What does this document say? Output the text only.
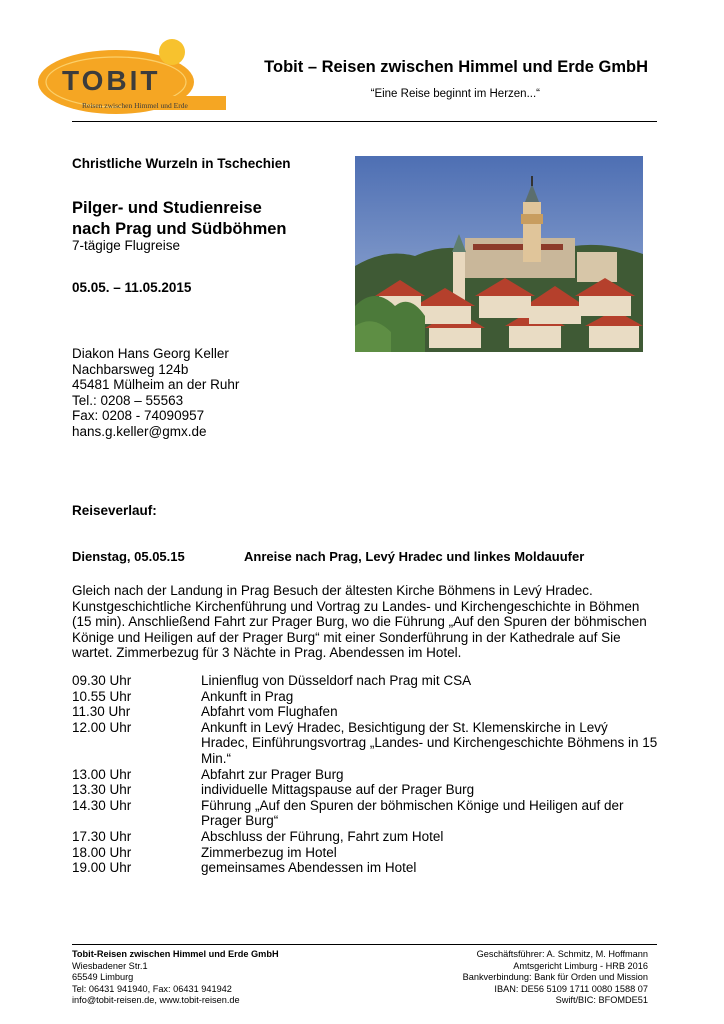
TOBIT
Reisen zwischen Himmel und Erde
Tobit – Reisen zwischen Himmel und Erde GmbH
“Eine Reise beginnt im Herzen...“
Christliche Wurzeln in Tschechien
Pilger- und Studienreise
nach Prag und Südböhmen
7-tägige Flugreise
05.05. – 11.05.2015
Diakon Hans Georg Keller
Nachbarsweg 124b
45481 Mülheim an der Ruhr
Tel.: 0208 – 55563
Fax: 0208 - 74090957
hans.g.keller@gmx.de
Reiseverlauf:
Dienstag, 05.05.15	Anreise nach Prag, Levý Hradec und linkes Moldauufer
Gleich nach der Landung in Prag Besuch der ältesten Kirche Böhmens in Levý Hradec.
Kunstgeschichtliche Kirchenführung und Vortrag zu Landes- und Kirchengeschichte in Böhmen
(15 min). Anschließend Fahrt zur Prager Burg, wo die Führung „Auf den Spuren der böhmischen
Könige und Heiligen auf der Prager Burg“ mit einer Sonderführung in der Kathedrale auf Sie
wartet. Zimmerbezug für 3 Nächte in Prag. Abendessen im Hotel.
09.30 Uhr	Linienflug von Düsseldorf nach Prag mit CSA
10.55 Uhr	Ankunft in Prag
11.30 Uhr	Abfahrt vom Flughafen
12.00 Uhr	Ankunft in Levý Hradec, Besichtigung der St. Klemenskirche in Levý
Hradec, Einführungsvortrag „Landes- und Kirchengeschichte Böhmens in 15
Min.“
13.00 Uhr	Abfahrt zur Prager Burg
13.30 Uhr	individuelle Mittagspause auf der Prager Burg
14.30 Uhr	Führung „Auf den Spuren der böhmischen Könige und Heiligen auf der
Prager Burg“
17.30 Uhr	Abschluss der Führung, Fahrt zum Hotel
18.00 Uhr	Zimmerbezug im Hotel
19.00 Uhr	gemeinsames Abendessen im Hotel
Tobit-Reisen zwischen Himmel und Erde GmbH
Wiesbadener Str.1
65549 Limburg
Tel: 06431 941940, Fax: 06431 941942
info@tobit-reisen.de, www.tobit-reisen.de
Geschäftsführer: A. Schmitz, M. Hoffmann
Amtsgericht Limburg - HRB 2016
Bankverbindung: Bank für Orden und Mission
IBAN: DE56 5109 1711 0080 1588 07
Swift/BIC: BFOMDE51
